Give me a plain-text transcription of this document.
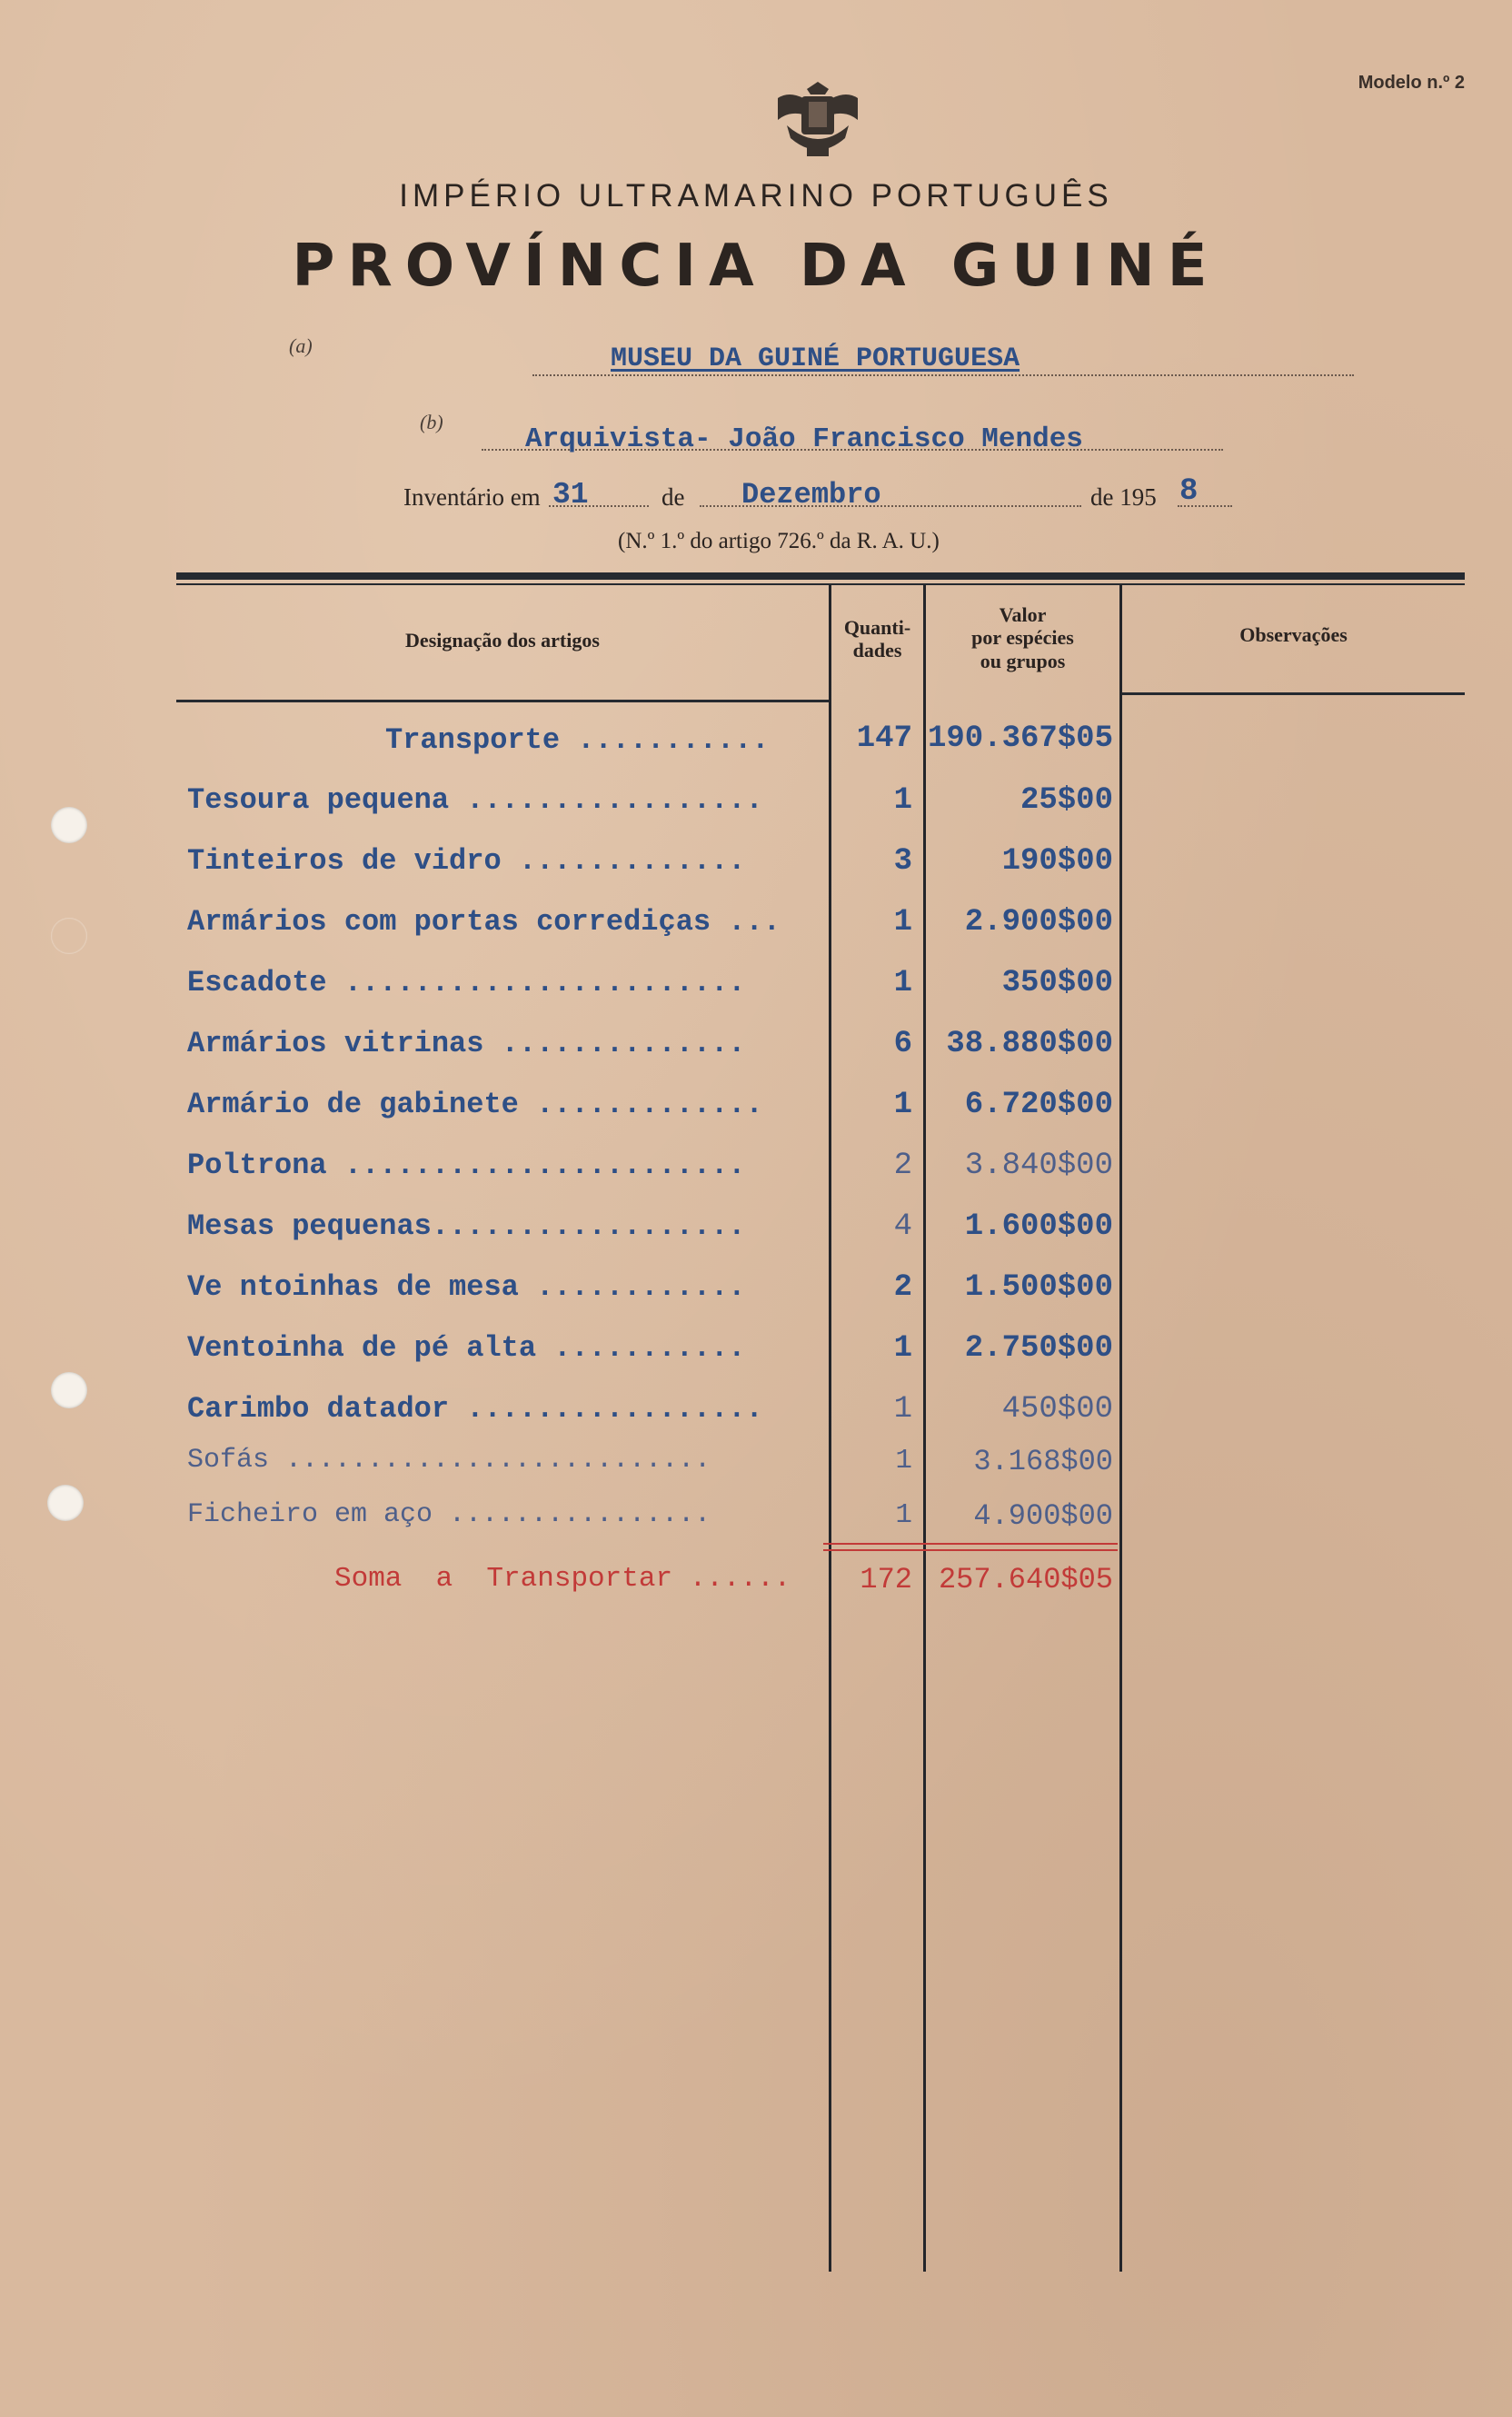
Modelo n.º 2
IMPÉRIO ULTRAMARINO PORTUGUÊS
PROVÍNCIA DA GUINÉ
(a)	MUSEU DA GUINÉ PORTUGUESA
(b)
Arquivista- João Francisco Mendes
Inventário em 31	de Dezembro	de 195 8
(N.º 1.º do artigo 726.º da R. A. U.)
Designação dos artigos
Quanti-
dades
Valor
por espécies
ou grupos
Observações
Transporte ...........	147 190.367$05
Tesoura pequena .................	1	25$00
Tinteiros de vidro .............	3	190$00
Armários com portas corrediças ...	1	2.900$00
Escadote .......................	1	350$00
Armários vitrinas ..............	6	38.880$00
Armário de gabinete .............	1	6.720$00
Poltrona .......................	2	3.840$00
Mesas pequenas..................	4	1.600$00
Ve ntoinhas de mesa ............	2	1.500$00
Ventoinha de pé alta ...........	1	2.750$00
Carimbo datador .................	1	450$00
Sofás ..........................	1	3.168$00
Ficheiro em aço ................	1	4.900$00
Soma  a  Transportar ......	172 257.640$05
